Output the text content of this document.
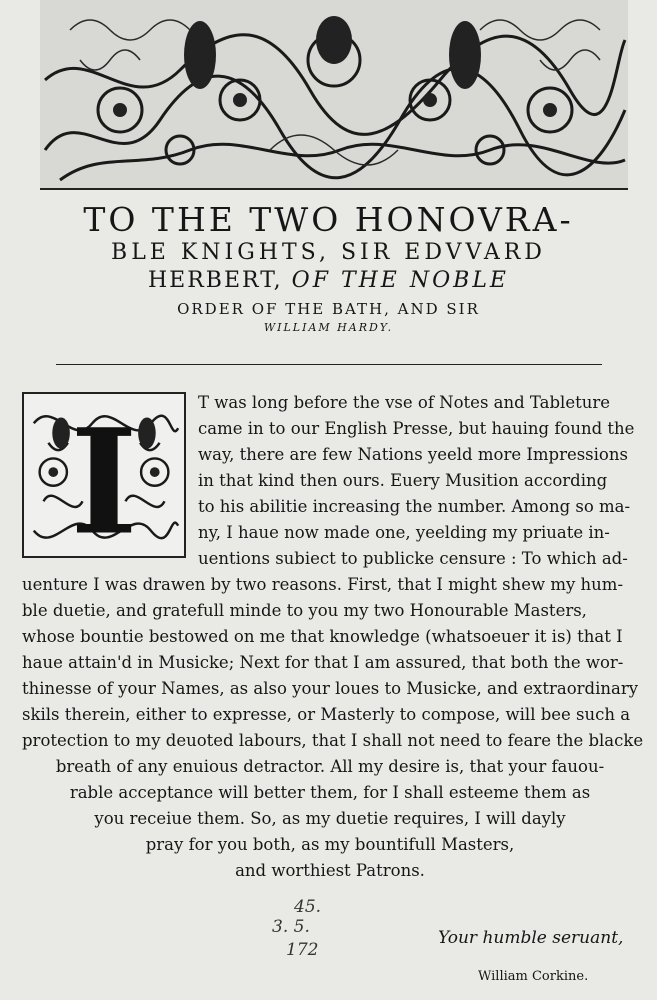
TO THE TWO HONOVRA-
BLE KNIGHTS, SIR EDVVARD
HERBERT, OF THE NOBLE
ORDER OF THE BATH, AND SIR
WILLIAM HARDY.
I	T was long before the vse of Notes and Tableture
came in to our English Presse, but hauing found the
way, there are few Nations yeeld more Impressions
in that kind then ours. Euery Musition according
to his abilitie increasing the number. Among so ma-
ny, I haue now made one, yeelding my priuate in-
uentions subiect to publicke censure : To which ad-
uenture I was drawen by two reasons. First, that I might shew my hum-
ble duetie, and gratefull minde to you my two Honourable Masters,
whose bountie bestowed on me that knowledge (whatsoeuer it is) that I
haue attain'd in Musicke; Next for that I am assured, that both the wor-
thinesse of your Names, as also your loues to Musicke, and extraordinary
skils therein, either to expresse, or Masterly to compose, will bee such a
protection to my deuoted labours, that I shall not need to feare the blacke
breath of any enuious detractor. All my desire is, that your fauou-
rable acceptance will better them, for I shall esteeme them as
you receiue them. So, as my duetie requires, I will dayly
pray for you both, as my bountifull Masters,
and worthiest Patrons.
45.
3. 5.
172
Your humble seruant,
William Corkine.
